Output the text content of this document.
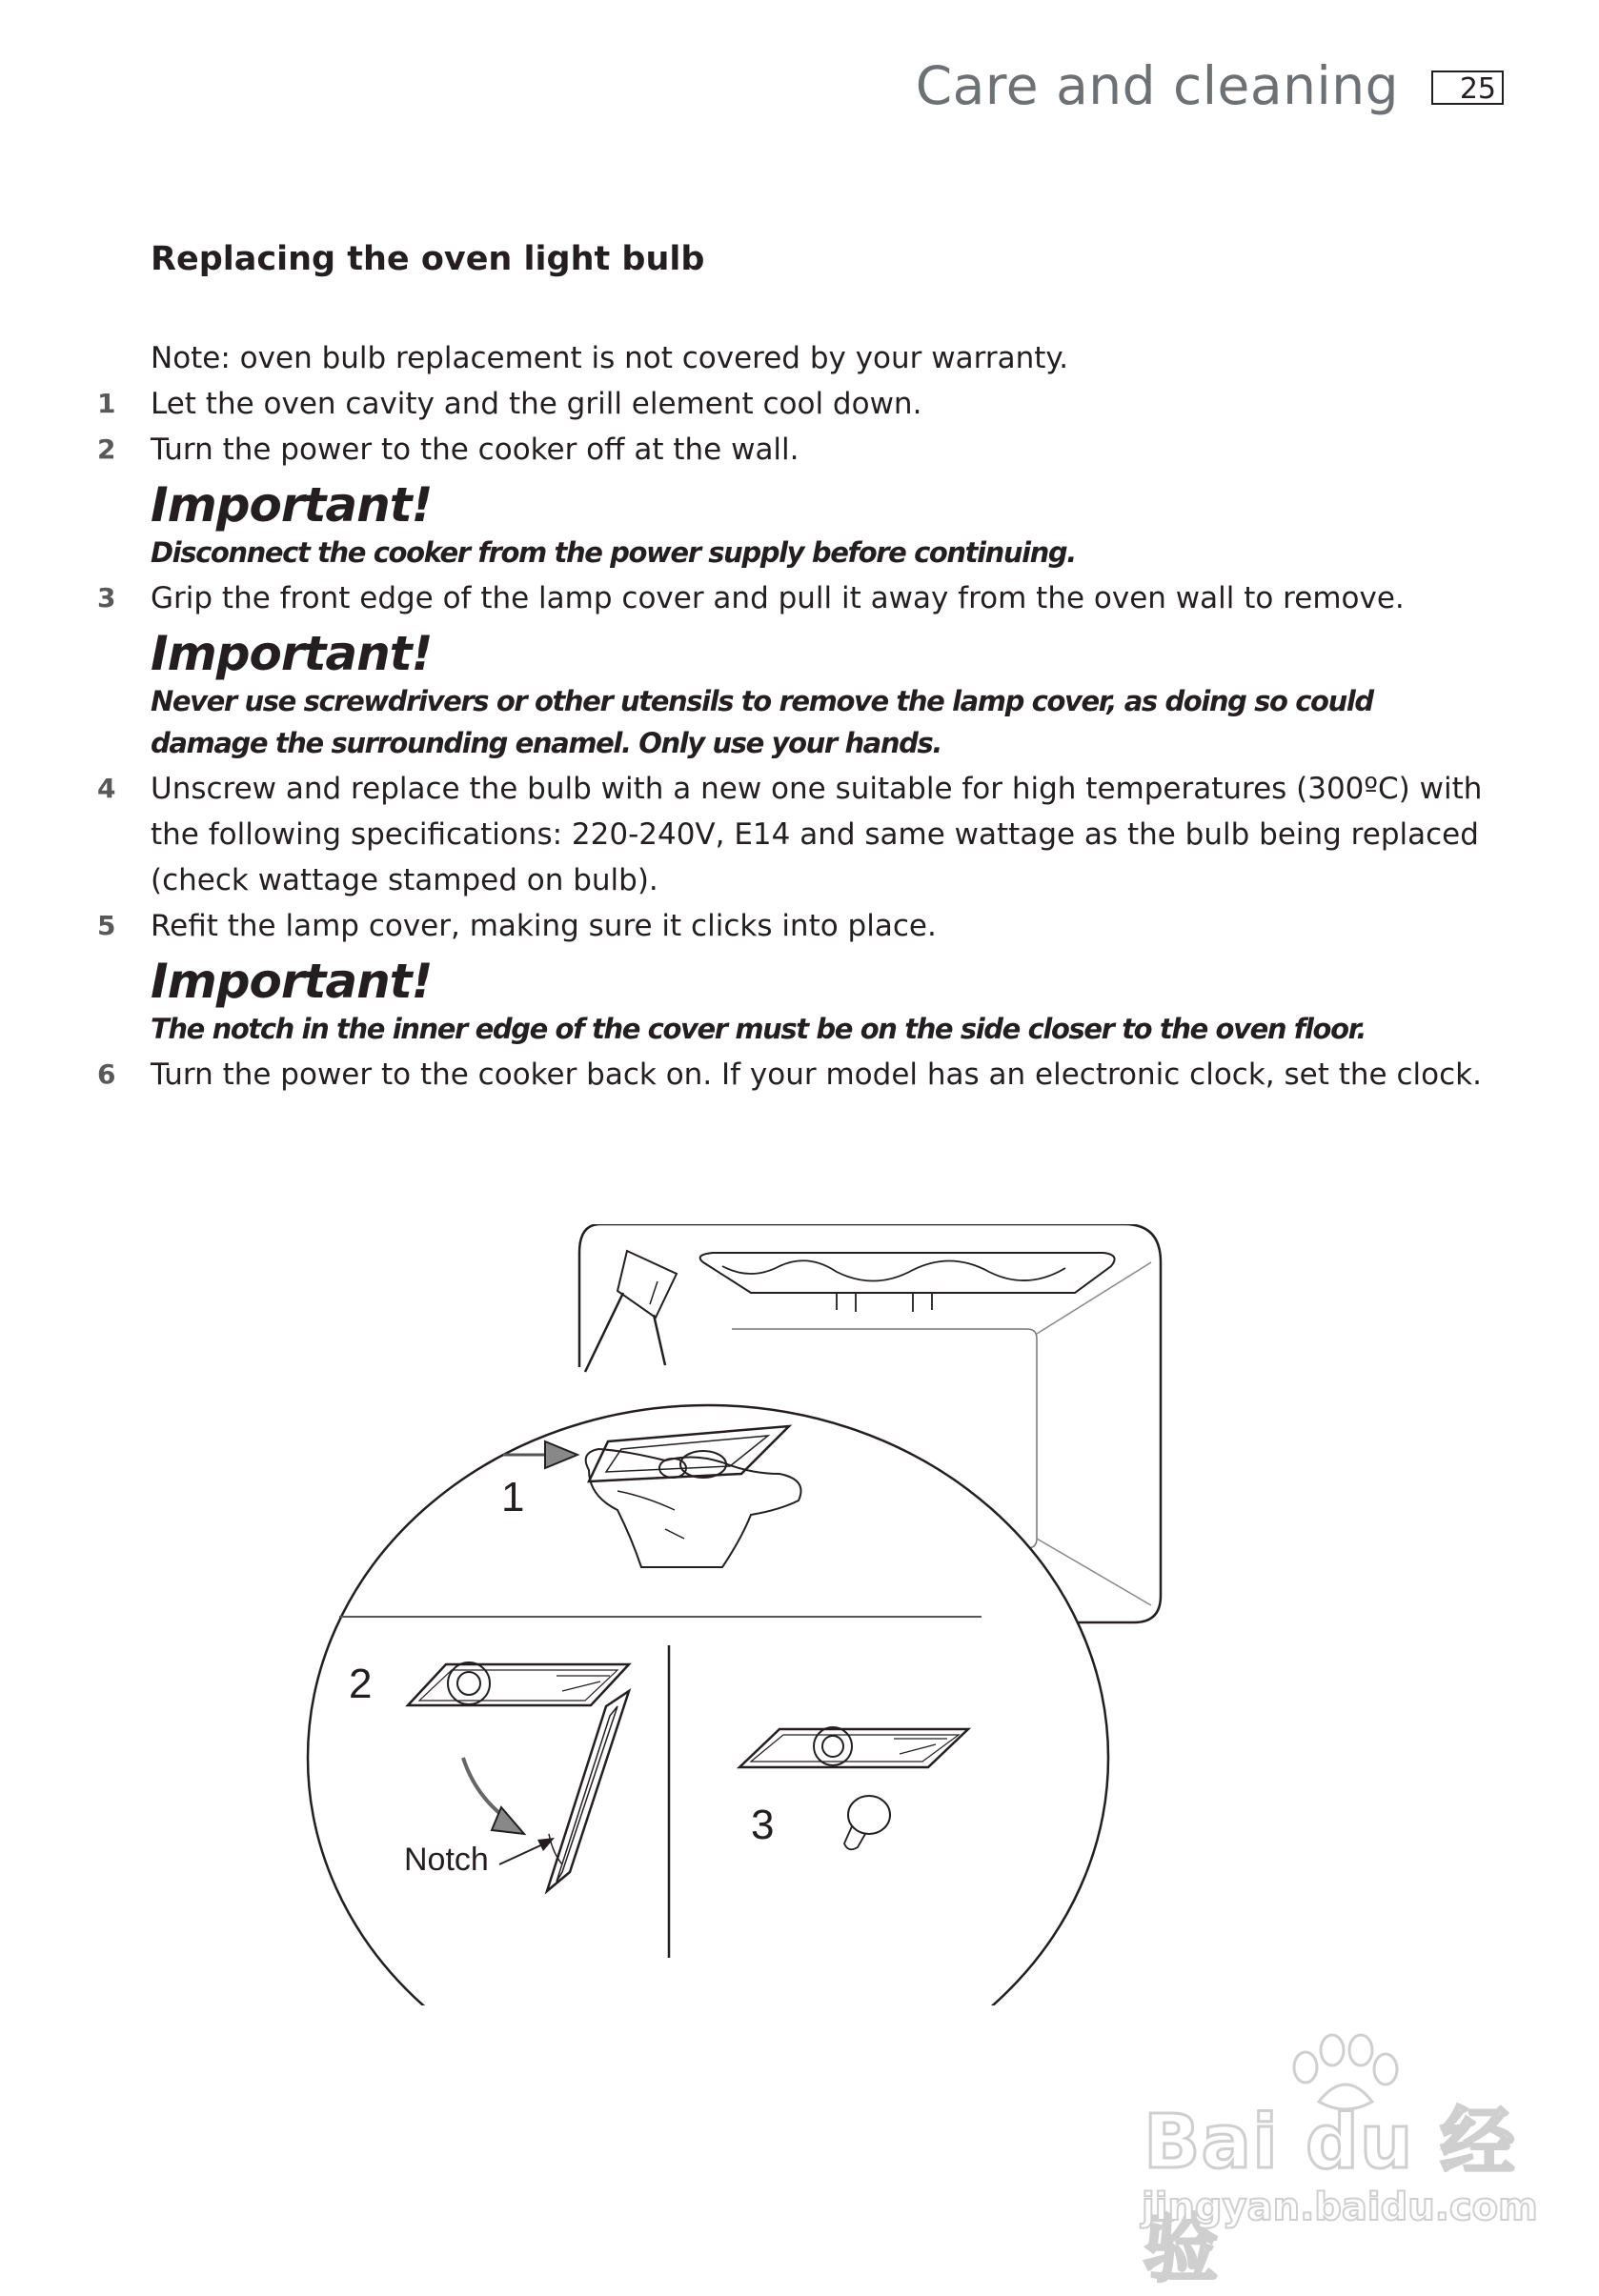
Care and cleaning	25
Replacing the oven light bulb
Note: oven bulb replacement is not covered by your warranty.
1 Let the oven cavity and the grill element cool down.
2 Turn the power to the cooker off at the wall.
Important!
Disconnect the cooker from the power supply before continuing.
3 Grip the front edge of the lamp cover and pull it away from the oven wall to remove.
Important!
Never use screwdrivers or other utensils to remove the lamp cover, as doing so could damage the surrounding enamel. Only use your hands.
4 Unscrew and replace the bulb with a new one suitable for high temperatures (300ºC) with the following specifications: 220-240V, E14 and same wattage as the bulb being replaced (check wattage stamped on bulb).
5 Refit the lamp cover, making sure it clicks into place.
Important!
The notch in the inner edge of the cover must be on the side closer to the oven floor.
6 Turn the power to the cooker back on. If your model has an electronic clock, set the clock.
1
2
3
Notch
Bai du 经验
jingyan.baidu.com
